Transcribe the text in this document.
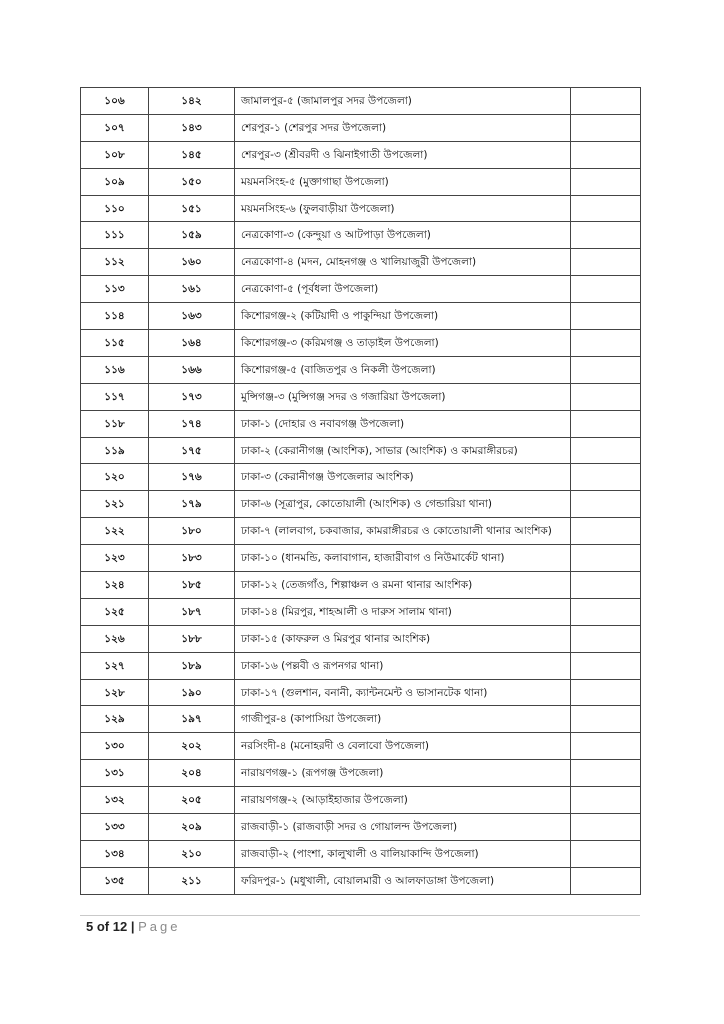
১০৬	১৪২	জামালপুর-৫ (জামালপুর সদর উপজেলা)	
১০৭	১৪৩	শেরপুর-১ (শেরপুর সদর উপজেলা)	
১০৮	১৪৫	শেরপুর-৩ (শ্রীবরদী ও ঝিনাইগাতী উপজেলা)	
১০৯	১৫০	ময়মনসিংহ-৫ (মুক্তাগাছা উপজেলা)	
১১০	১৫১	ময়মনসিংহ-৬ (ফুলবাড়ীয়া উপজেলা)	
১১১	১৫৯	নেত্রকোণা-৩ (কেন্দুয়া ও আটপাড়া উপজেলা)	
১১২	১৬০	নেত্রকোণা-৪ (মদন, মোহনগঞ্জ ও খালিয়াজুরী উপজেলা)	
১১৩	১৬১	নেত্রকোণা-৫ (পূর্বধলা উপজেলা)	
১১৪	১৬৩	কিশোরগঞ্জ-২ (কটিয়াদী ও পাকুন্দিয়া উপজেলা)	
১১৫	১৬৪	কিশোরগঞ্জ-৩ (করিমগঞ্জ ও তাড়াইল উপজেলা)	
১১৬	১৬৬	কিশোরগঞ্জ-৫ (বাজিতপুর ও নিকলী উপজেলা)	
১১৭	১৭৩	মুন্সিগঞ্জ-৩ (মুন্সিগঞ্জ সদর ও গজারিয়া উপজেলা)	
১১৮	১৭৪	ঢাকা-১ (দোহার ও নবাবগঞ্জ উপজেলা)	
১১৯	১৭৫	ঢাকা-২ (কেরানীগঞ্জ (আংশিক), সাভার (আংশিক) ও কামরাঙ্গীরচর)	
১২০	১৭৬	ঢাকা-৩ (কেরানীগঞ্জ উপজেলার আংশিক)	
১২১	১৭৯	ঢাকা-৬ (সূত্রাপুর, কোতোয়ালী (আংশিক) ও গেন্ডারিয়া থানা)	
১২২	১৮০	ঢাকা-৭ (লালবাগ, চকবাজার, কামরাঙ্গীরচর ও কোতোয়ালী থানার আংশিক)	
১২৩	১৮৩	ঢাকা-১০ (ধানমন্ডি, কলাবাগান, হাজারীবাগ ও নিউমার্কেট থানা)	
১২৪	১৮৫	ঢাকা-১২ (তেজগাঁও, শিল্পাঞ্চল ও রমনা থানার আংশিক)	
১২৫	১৮৭	ঢাকা-১৪ (মিরপুর, শাহআলী ও দারুস সালাম থানা)	
১২৬	১৮৮	ঢাকা-১৫ (কাফরুল ও মিরপুর থানার আংশিক)	
১২৭	১৮৯	ঢাকা-১৬ (পল্লবী ও রূপনগর থানা)	
১২৮	১৯০	ঢাকা-১৭ (গুলশান, বনানী, ক্যান্টনমেন্ট ও ভাসানটেক থানা)	
১২৯	১৯৭	গাজীপুর-৪ (কাপাসিয়া উপজেলা)	
১৩০	২০২	নরসিংদী-৪ (মনোহরদী ও বেলাবো উপজেলা)	
১৩১	২০৪	নারায়ণগঞ্জ-১ (রূপগঞ্জ উপজেলা)	
১৩২	২০৫	নারায়ণগঞ্জ-২ (আড়াইহাজার উপজেলা)	
১৩৩	২০৯	রাজবাড়ী-১ (রাজবাড়ী সদর ও গোয়ালন্দ উপজেলা)	
১৩৪	২১০	রাজবাড়ী-২ (পাংশা, কালুখালী ও বালিয়াকান্দি উপজেলা)	
১৩৫	২১১	ফরিদপুর-১ (মধুখালী, বোয়ালমারী ও আলফাডাঙ্গা উপজেলা)	
5 of 12 | Page
